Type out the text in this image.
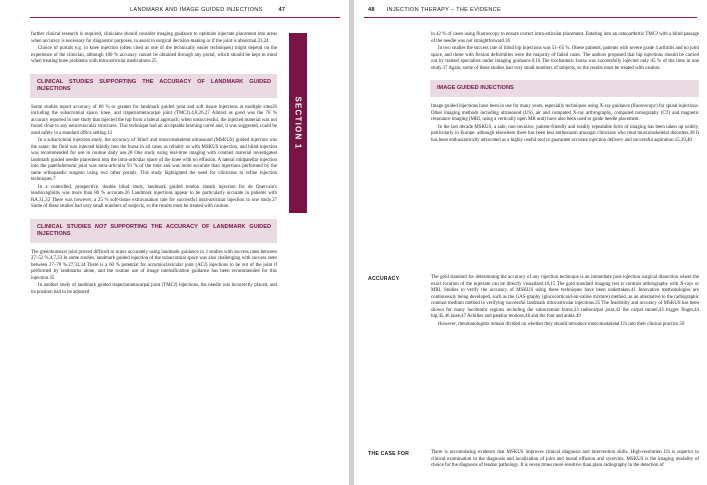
LANDMARK AND IMAGE GUIDED INJECTIONS	47
SECTION 1

further clinical research is required, clinicians should consider imaging guidance to optimize injectate placement into areas when accuracy is necessary for diagnostic purposes, to assist in surgical decision-making or if the joint is abnormal.23,24

Choice of portals e.g. in knee injection (often cited as one of the technically easier techniques) might depend on the experience of the clinician, although 100 % accuracy cannot be obtained through any portal, which should be kept in mind when treating knee problems with intra-articular medications.25

CLINICAL STUDIES SUPPORTING THE ACCURACY OF LANDMARK GUIDED INJECTIONS

Some studies report accuracy of 80 % or greater for landmark guided joint and soft tissue injections at multiple sites26 including the subacromial space, knee, and trapeziometacarpal joint (TMCJ).4,8,26,27 Almost as good was the 78 % accuracy reported in one study that injected the hip from a lateral approach; when unsuccessful, the injected material was not found close to any neurovascular structures. This technique had an acceptable learning curve and, it was suggested, could be used safely in a standard office setting.13

In a subacromial injection study, the accuracy of 'blind' and musculoskeletal ultrasound (MSKUS) guided injection was the same; the fluid was injected blindly into the bursa in all cases as reliably as with MSKUS injection, and blind injection was recommended for use in routine daily use.28 One study using real-time imaging with contrast material investigated landmark guided needle placement into the intra-articular space of the knee with no effusion. A lateral midpatellar injection into the patellofemoral joint was intra-articular 93 % of the time and was more accurate than injections performed by the same orthopaedic surgeon using two other portals. This study highlighted the need for clinicians to refine injection techniques.7

In a controlled, prospective, double blind study, landmark guided tendon sheath injection for de Quervain's tendiovaginitis was more than 80 % accurate.26 Landmark injections appear to be particularly accurate in patients with RA.31,32 There was however, a 25 % soft-tissue extravasation rate for successful intra-articular injection in one study.27 Some of these studies had very small numbers of subjects, so the results must be treated with caution.

CLINICAL STUDIES NOT SUPPORTING THE ACCURACY OF LANDMARK GUIDED INJECTIONS

The glenohumeral joint proved difficult to inject accurately using landmark guidance in 3 studies with success rates between 27–52 %.4,7,33 In some studies, landmark guided injection of the subacromial space was also challenging with success rates between 27–70 %.27,33,34 There is a 60 % potential for acromioclavicular joint (ACJ) injections to be out of the joint if performed by landmarks alone, and the routine use of image intensification guidance has been recommended for this injection.35

In another study of landmark guided trapeziometacarpal joint (TMCJ) injections, the needle was incorrectly placed, and its position had to be adjusted

48 INJECTION THERAPY – THE EVIDENCE

in 42 % of cases using fluoroscopy to ensure correct intra-articular placement. Entering into an osteoarthritic TMCJ with a blind passage of the needle was not straightforward.36

In two studies the success rate of blind hip injections was 51–65 %. Obese patients, patients with severe grade 4 arthritis and no joint space, and those with flexion deformities were the majority of failed cases. The authors proposed that hip injections should be carried out by trained specialists under imaging guidance.9,10 The trochanteric bursa was successfully injected only 45 % of the time in one study.37 Again, some of these studies had very small numbers of subjects, so the results must be treated with caution.

IMAGE GUIDED INJECTIONS

Image guided injections have been in use for many years, especially techniques using X-ray guidance (fluoroscopy) for spinal injections. Other imaging methods including ultrasound (US), air and computed X-ray arthrography, computed tomography (CT) and magnetic resonance imaging (MRI, using a vertically open MR unit) have also been used to guide needle placement.

In the last decade MSKUS, a safe, non-invasive, patient-friendly and readily repeatable form of imaging has been taken up widely, particularly in Europe, although elsewhere there has been less enthusiasm amongst clinicians who treat musculoskeletal disorders.38 It has been enthusiastically advocated as a highly useful tool to guarantee accurate injection delivery and successful aspiration.15,39,40

ACCURACY	The gold standard for determining the accuracy of any injection technique is an immediate post-injection surgical dissection where the exact location of the injectate can be directly visualized.10,15 The gold standard imaging test is contrast arthrography with X-rays or MRI. Studies to verify the accuracy of MSKUS using these techniques have been undertaken.41 Innovative methodologies are continuously being developed, such as the GAS-graphy (glucocorticoid-air-saline mixture) method, as an alternative to the radiographic contrast medium method in verifying successful landmark intra-articular injections.25 The feasibility and accuracy of MSKUS has been shown for many locomotor regions including the subacromial bursa,33 radiocarpal joint,42 the carpal tunnel,43 trigger finger,44 hip,45,46 knee,47 Achilles and patellar tendons,48 and the foot and ankle.49

However, rheumatologists remain divided on whether they should introduce musculoskeletal US into their clinical practice.50

THE CASE FOR	There is accumulating evidence that MSKUS improves clinical diagnosis and intervention skills. High-resolution US is superior to clinical examination in the diagnosis and localization of joint and bursal effusion and synovitis. MSKUS is the imaging modality of choice for the diagnosis of tendon pathology. It is seven times more sensitive than plain radiography in the detection of
